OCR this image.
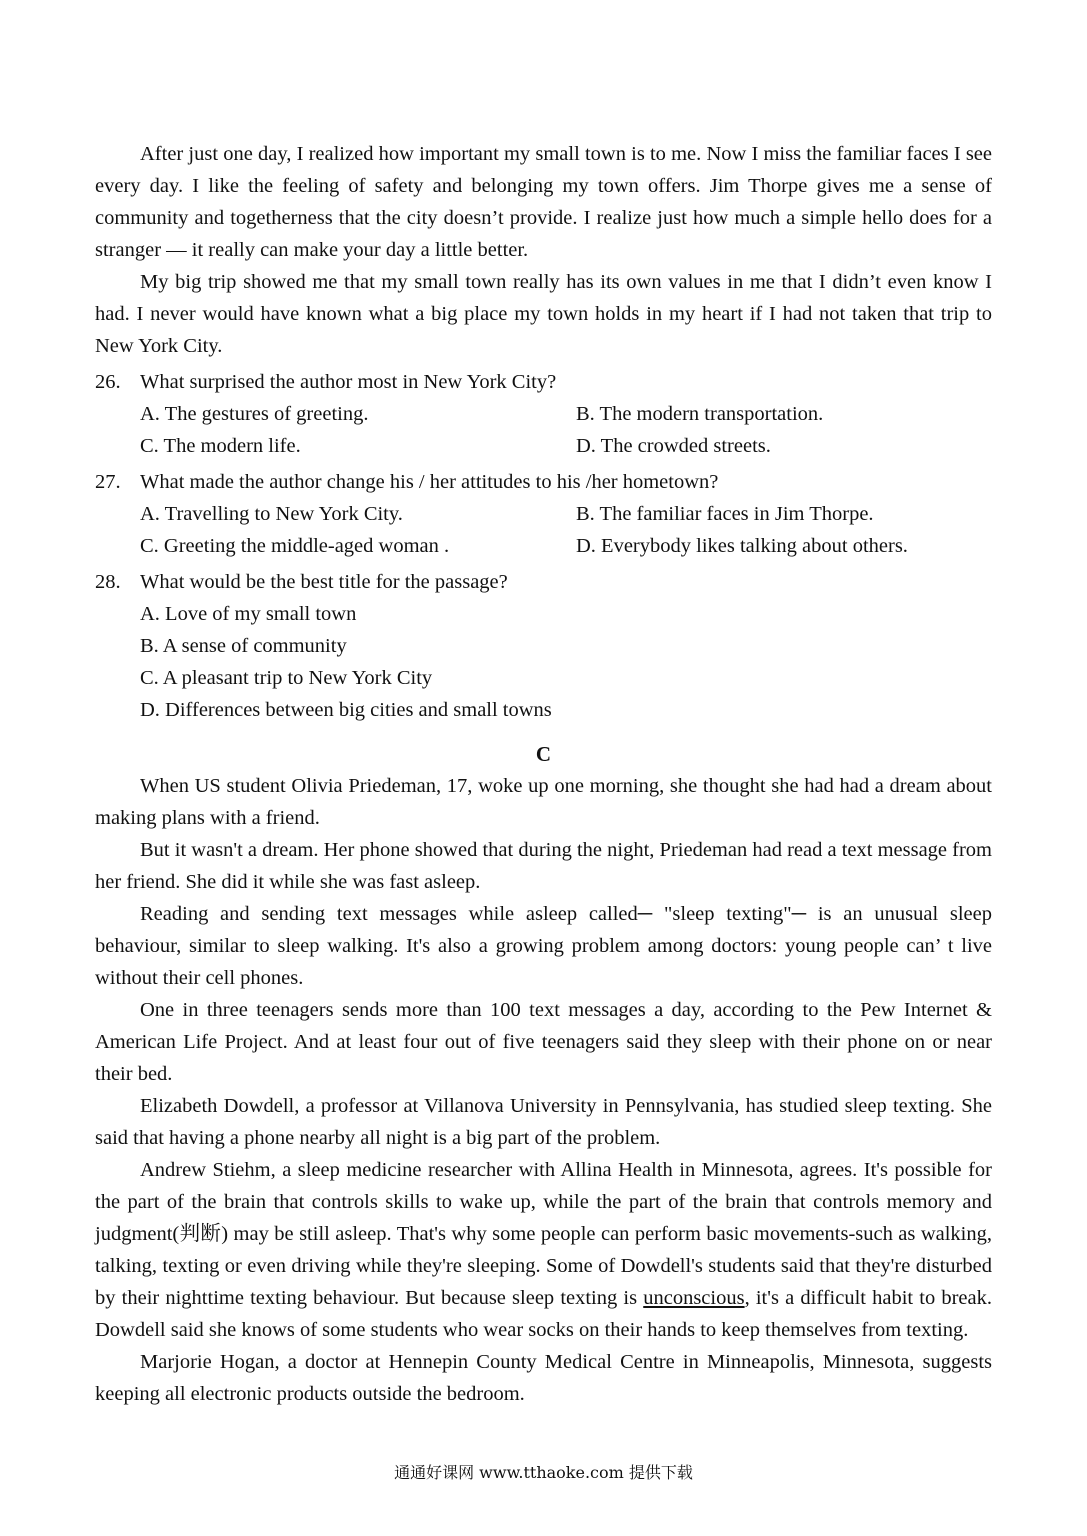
After just one day, I realized how important my small town is to me. Now I miss the familiar faces I see every day. I like the feeling of safety and belonging my town offers. Jim Thorpe gives me a sense of community and togetherness that the city doesn’t provide. I realize just how much a simple hello does for a stranger — it really can make your day a little better.

My big trip showed me that my small town really has its own values in me that I didn’t even know I had. I never would have known what a big place my town holds in my heart if I had not taken that trip to New York City.

26. What surprised the author most in New York City?
A. The gestures of greeting.	B. The modern transportation.
C. The modern life.	D. The crowded streets.
27. What made the author change his / her attitudes to his /her hometown?
A. Travelling to New York City.	B. The familiar faces in Jim Thorpe.
C. Greeting the middle-aged woman .	D. Everybody likes talking about others.
28. What would be the best title for the passage?
A. Love of my small town
B. A sense of community
C. A pleasant trip to New York City
D. Differences between big cities and small towns
C

When US student Olivia Priedeman, 17, woke up one morning, she thought she had had a dream about making plans with a friend.

But it wasn't a dream. Her phone showed that during the night, Priedeman had read a text message from her friend. She did it while she was fast asleep.

Reading and sending text messages while asleep called─ "sleep texting"─ is an unusual sleep behaviour, similar to sleep walking. It's also a growing problem among doctors: young people can’ t live without their cell phones.

One in three teenagers sends more than 100 text messages a day, according to the Pew Internet & American Life Project. And at least four out of five teenagers said they sleep with their phone on or near their bed.

Elizabeth Dowdell, a professor at Villanova University in Pennsylvania, has studied sleep texting. She said that having a phone nearby all night is a big part of the problem.

Andrew Stiehm, a sleep medicine researcher with Allina Health in Minnesota, agrees. It's possible for the part of the brain that controls skills to wake up, while the part of the brain that controls memory and judgment(判断) may be still asleep. That's why some people can perform basic movements-such as walking, talking, texting or even driving while they're sleeping. Some of Dowdell's students said that they're disturbed by their nighttime texting behaviour. But because sleep texting is unconscious, it's a difficult habit to break. Dowdell said she knows of some students who wear socks on their hands to keep themselves from texting.

Marjorie Hogan, a doctor at Hennepin County Medical Centre in Minneapolis, Minnesota, suggests keeping all electronic products outside the bedroom.

通通好课网 www.tthaoke.com 提供下载
